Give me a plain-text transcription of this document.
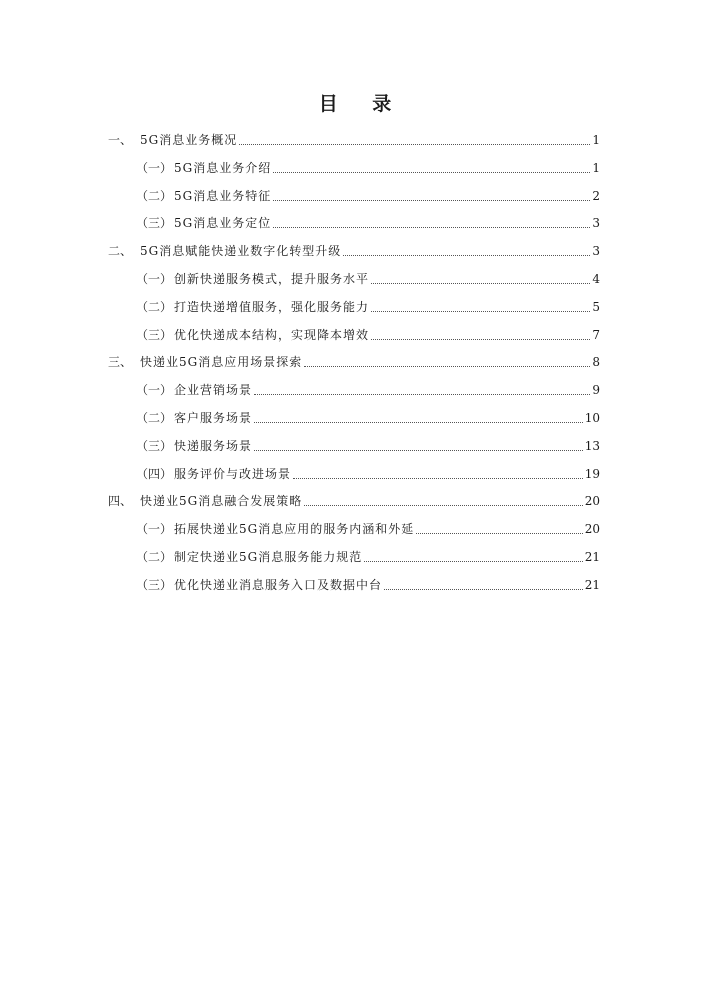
目 录
一、 5G消息业务概况	1
（一） 5G消息业务介绍	1
（二） 5G消息业务特征	2
（三） 5G消息业务定位	3
二、 5G消息赋能快递业数字化转型升级	3
（一） 创新快递服务模式，提升服务水平	4
（二） 打造快递增值服务，强化服务能力	5
（三） 优化快递成本结构，实现降本增效	7
三、 快递业5G消息应用场景探索	8
（一） 企业营销场景	9
（二） 客户服务场景	10
（三） 快递服务场景	13
（四） 服务评价与改进场景	19
四、 快递业5G消息融合发展策略	20
（一） 拓展快递业5G消息应用的服务内涵和外延	20
（二） 制定快递业5G消息服务能力规范	21
（三） 优化快递业消息服务入口及数据中台	21
